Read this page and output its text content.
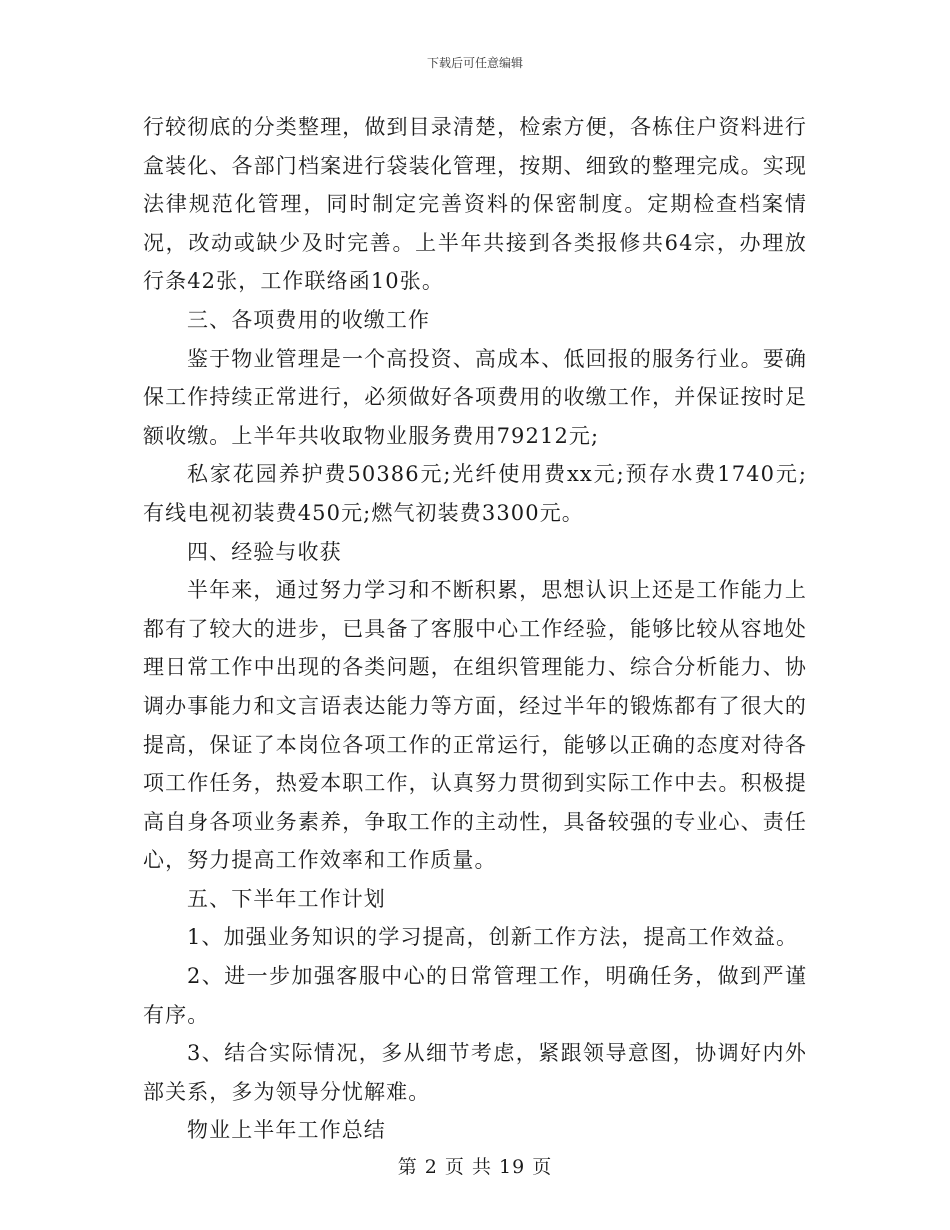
下载后可任意编辑

行较彻底的分类整理，做到目录清楚，检索方便，各栋住户资料进行盒装化、各部门档案进行袋装化管理，按期、细致的整理完成。实现法律规范化管理，同时制定完善资料的保密制度。定期检查档案情况，改动或缺少及时完善。上半年共接到各类报修共64宗，办理放行条42张，工作联络函10张。

三、各项费用的收缴工作

鉴于物业管理是一个高投资、高成本、低回报的服务行业。要确保工作持续正常进行，必须做好各项费用的收缴工作，并保证按时足额收缴。上半年共收取物业服务费用79212元;

私家花园养护费50386元;光纤使用费xx元;预存水费1740元;有线电视初装费450元;燃气初装费3300元。

四、经验与收获

半年来，通过努力学习和不断积累，思想认识上还是工作能力上都有了较大的进步，已具备了客服中心工作经验，能够比较从容地处理日常工作中出现的各类问题，在组织管理能力、综合分析能力、协调办事能力和文言语表达能力等方面，经过半年的锻炼都有了很大的提高，保证了本岗位各项工作的正常运行，能够以正确的态度对待各项工作任务，热爱本职工作，认真努力贯彻到实际工作中去。积极提高自身各项业务素养，争取工作的主动性，具备较强的专业心、责任心，努力提高工作效率和工作质量。

五、下半年工作计划

1、加强业务知识的学习提高，创新工作方法，提高工作效益。

2、进一步加强客服中心的日常管理工作，明确任务，做到严谨有序。

3、结合实际情况，多从细节考虑，紧跟领导意图，协调好内外部关系，多为领导分忧解难。

物业上半年工作总结

第 2 页 共 19 页
